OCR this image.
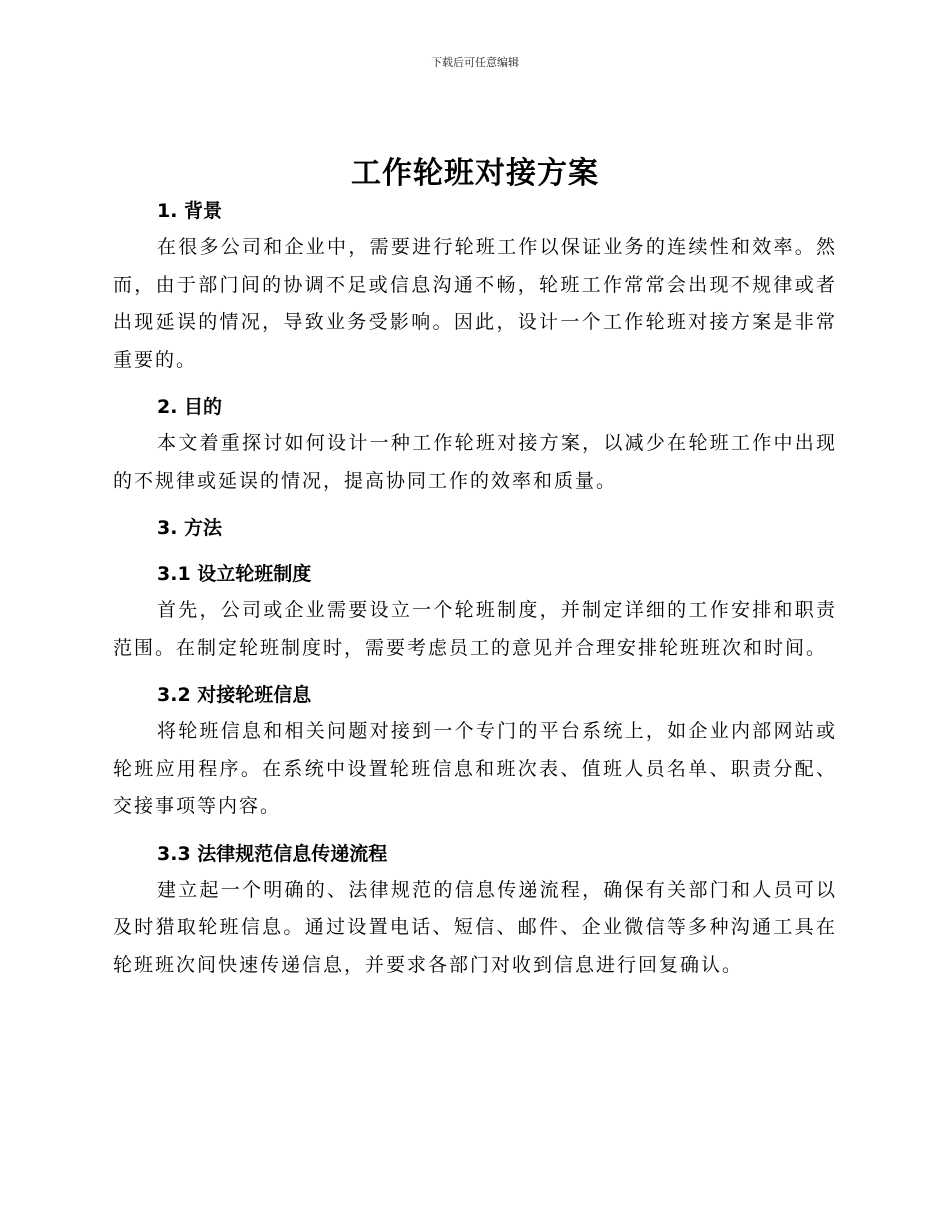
下载后可任意编辑
工作轮班对接方案

1. 背景

在很多公司和企业中，需要进行轮班工作以保证业务的连续性和效率。然而，由于部门间的协调不足或信息沟通不畅，轮班工作常常会出现不规律或者出现延误的情况，导致业务受影响。因此，设计一个工作轮班对接方案是非常重要的。

2. 目的

本文着重探讨如何设计一种工作轮班对接方案，以减少在轮班工作中出现的不规律或延误的情况，提高协同工作的效率和质量。

3. 方法

3.1 设立轮班制度

首先，公司或企业需要设立一个轮班制度，并制定详细的工作安排和职责范围。在制定轮班制度时，需要考虑员工的意见并合理安排轮班班次和时间。

3.2 对接轮班信息

将轮班信息和相关问题对接到一个专门的平台系统上，如企业内部网站或轮班应用程序。在系统中设置轮班信息和班次表、值班人员名单、职责分配、交接事项等内容。

3.3 法律规范信息传递流程

建立起一个明确的、法律规范的信息传递流程，确保有关部门和人员可以及时猎取轮班信息。通过设置电话、短信、邮件、企业微信等多种沟通工具在轮班班次间快速传递信息，并要求各部门对收到信息进行回复确认。
